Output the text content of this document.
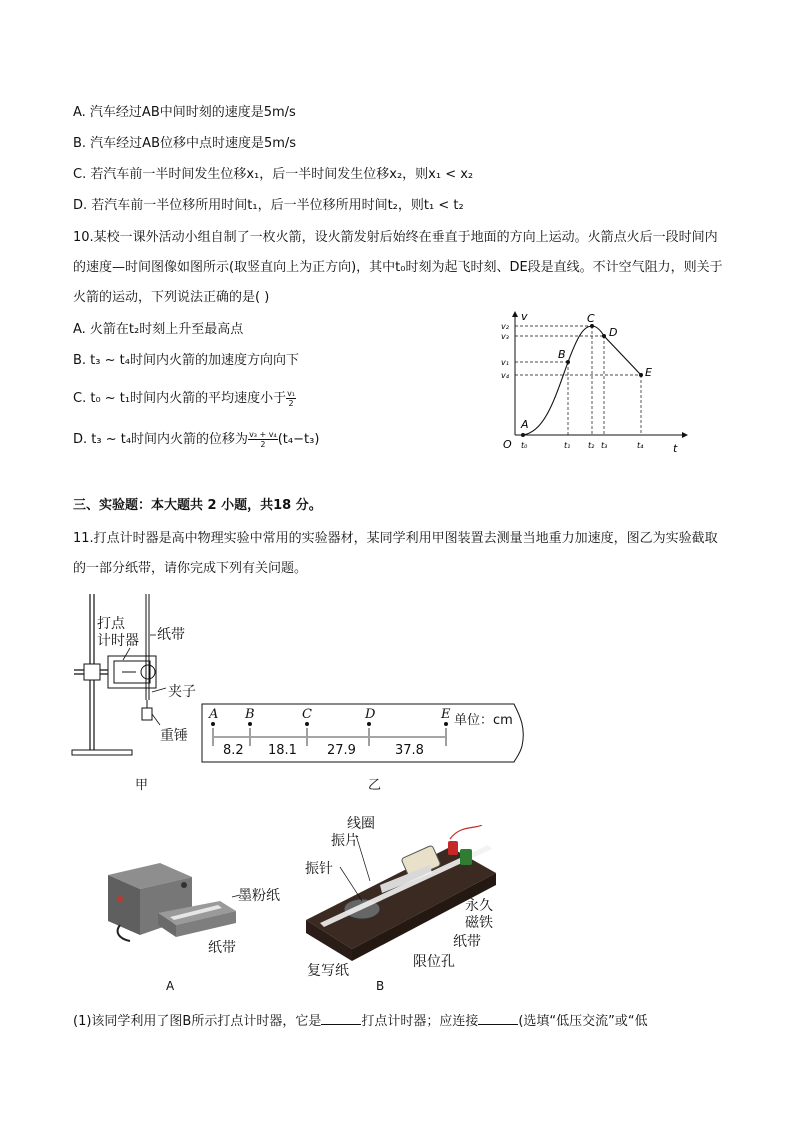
A. 汽车经过AB中间时刻的速度是5m/s
B. 汽车经过AB位移中点时速度是5m/s
C. 若汽车前一半时间发生位移x₁，后一半时间发生位移x₂，则x₁ < x₂
D. 若汽车前一半位移所用时间t₁，后一半位移所用时间t₂，则t₁ < t₂
10.某校一课外活动小组自制了一枚火箭，设火箭发射后始终在垂直于地面的方向上运动。火箭点火后一段时间内的速度—时间图像如图所示(取竖直向上为正方向)，其中t₀时刻为起飞时刻、DE段是直线。不计空气阻力，则关于火箭的运动，下列说法正确的是( )
A. 火箭在t₂时刻上升至最高点
B. t₃ ~ t₄时间内火箭的加速度方向向下
C. t₀ ~ t₁时间内火箭的平均速度小于 $\frac{\text{v₁}}{2}$
D. t₃ ~ t₄时间内火箭的位移为 $\frac{\text{v₃ + v₄}}{2} (t_4-t_3)$
A
B
C
D
E
v
t
O
v₂
v₃
v₁
v₄
t₀	t₁ t₂ t₃	t₄
三、实验题：本大题共 2 小题，共18 分。
11.打点计时器是高中物理实验中常用的实验器材，某同学利用甲图装置去测量当地重力加速度，图乙为实验截取的一部分纸带，请你完成下列有关问题。
打点
计时器 纸带
夹子
重锤
甲
A B	C	D	E
8.2 18.1 27.9	37.8
单位：cm
乙
墨粉纸
纸带
A
线圈
振片
振针
永久
磁铁
纸带
限位孔
复写纸
B
(1)该同学利用了图B所示打点计时器，它是	打点计时器；应连接	(选填“低压交流”或“低
